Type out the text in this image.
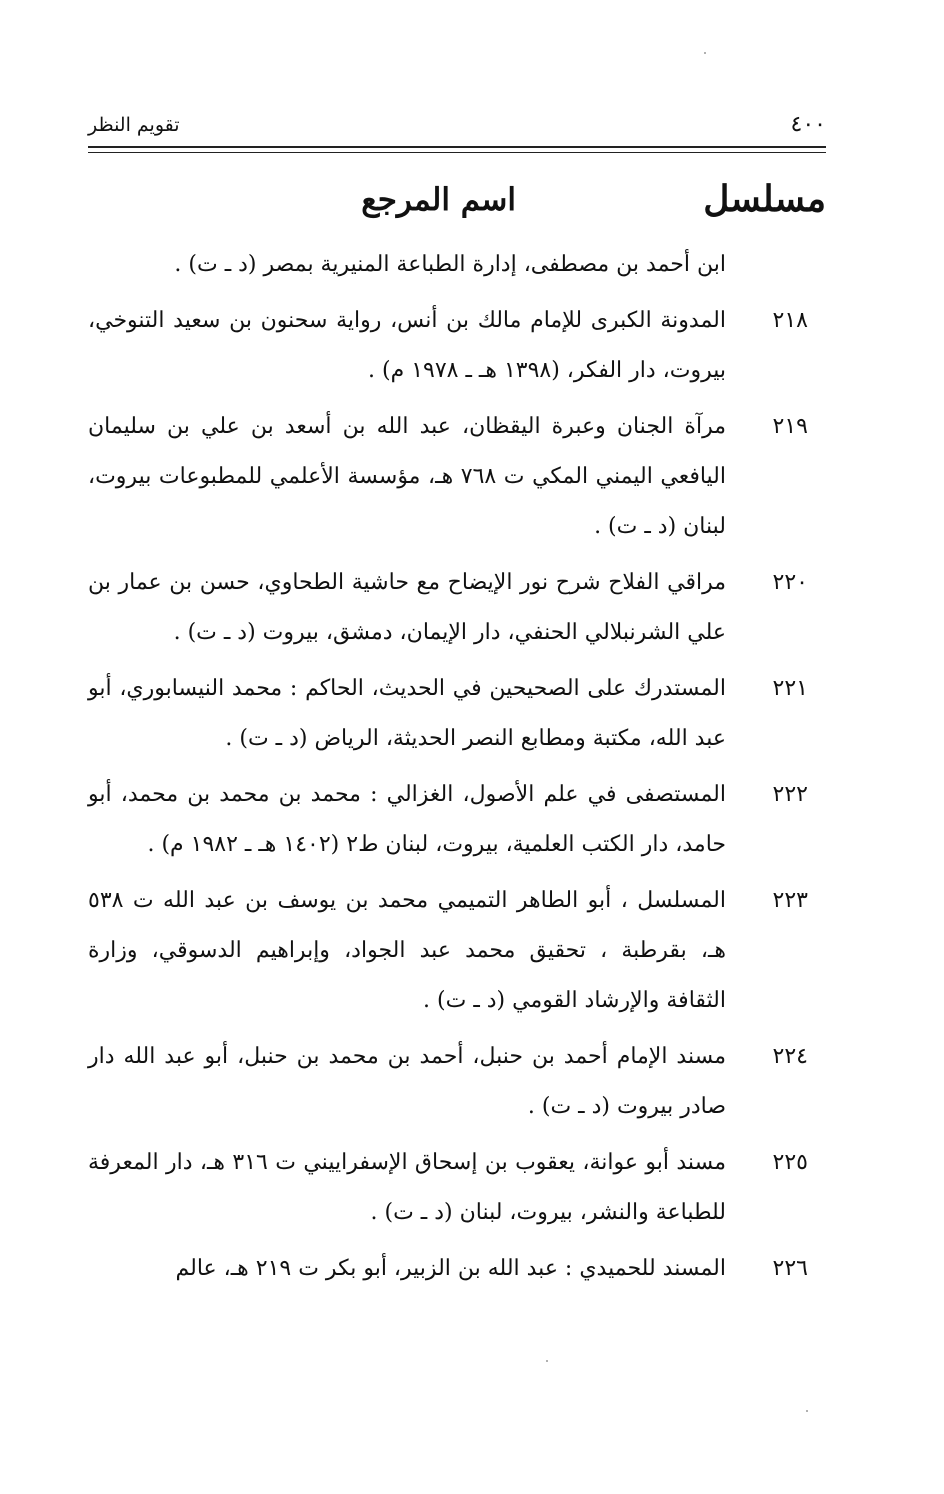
٤٠٠
تقويم النظر
مسلسل
اسم المرجع
ابن أحمد بن مصطفى، إدارة الطباعة المنيرية بمصر (د ـ ت) .
٢١٨
المدونة الكبرى للإمام مالك بن أنس، رواية سحنون بن سعيد التنوخي، بيروت، دار الفكر، (١٣٩٨ هـ ـ ١٩٧٨ م) .
٢١٩
مرآة الجنان وعبرة اليقظان، عبد الله بن أسعد بن علي بن سليمان اليافعي اليمني المكي ت ٧٦٨ هـ، مؤسسة الأعلمي للمطبوعات بيروت، لبنان (د ـ ت) .
٢٢٠
مراقي الفلاح شرح نور الإيضاح مع حاشية الطحاوي، حسن بن عمار بن علي الشرنبلالي الحنفي، دار الإيمان، دمشق، بيروت (د ـ ت) .
٢٢١
المستدرك على الصحيحين في الحديث، الحاكم : محمد النيسابوري، أبو عبد الله، مكتبة ومطابع النصر الحديثة، الرياض (د ـ ت) .
٢٢٢
المستصفى في علم الأصول، الغزالي : محمد بن محمد بن محمد، أبو حامد، دار الكتب العلمية، بيروت، لبنان ط٢ (١٤٠٢ هـ ـ ١٩٨٢ م) .
٢٢٣
المسلسل ، أبو الطاهر التميمي محمد بن يوسف بن عبد الله ت ٥٣٨ هـ، بقرطبة ، تحقيق محمد عبد الجواد، وإبراهيم الدسوقي، وزارة الثقافة والإرشاد القومي (د ـ ت) .
٢٢٤
مسند الإمام أحمد بن حنبل، أحمد بن محمد بن حنبل، أبو عبد الله دار صادر بيروت (د ـ ت) .
٢٢٥
مسند أبو عوانة، يعقوب بن إسحاق الإسفراييني ت ٣١٦ هـ، دار المعرفة للطباعة والنشر، بيروت، لبنان (د ـ ت) .
٢٢٦
المسند للحميدي : عبد الله بن الزبير، أبو بكر ت ٢١٩ هـ، عالم
